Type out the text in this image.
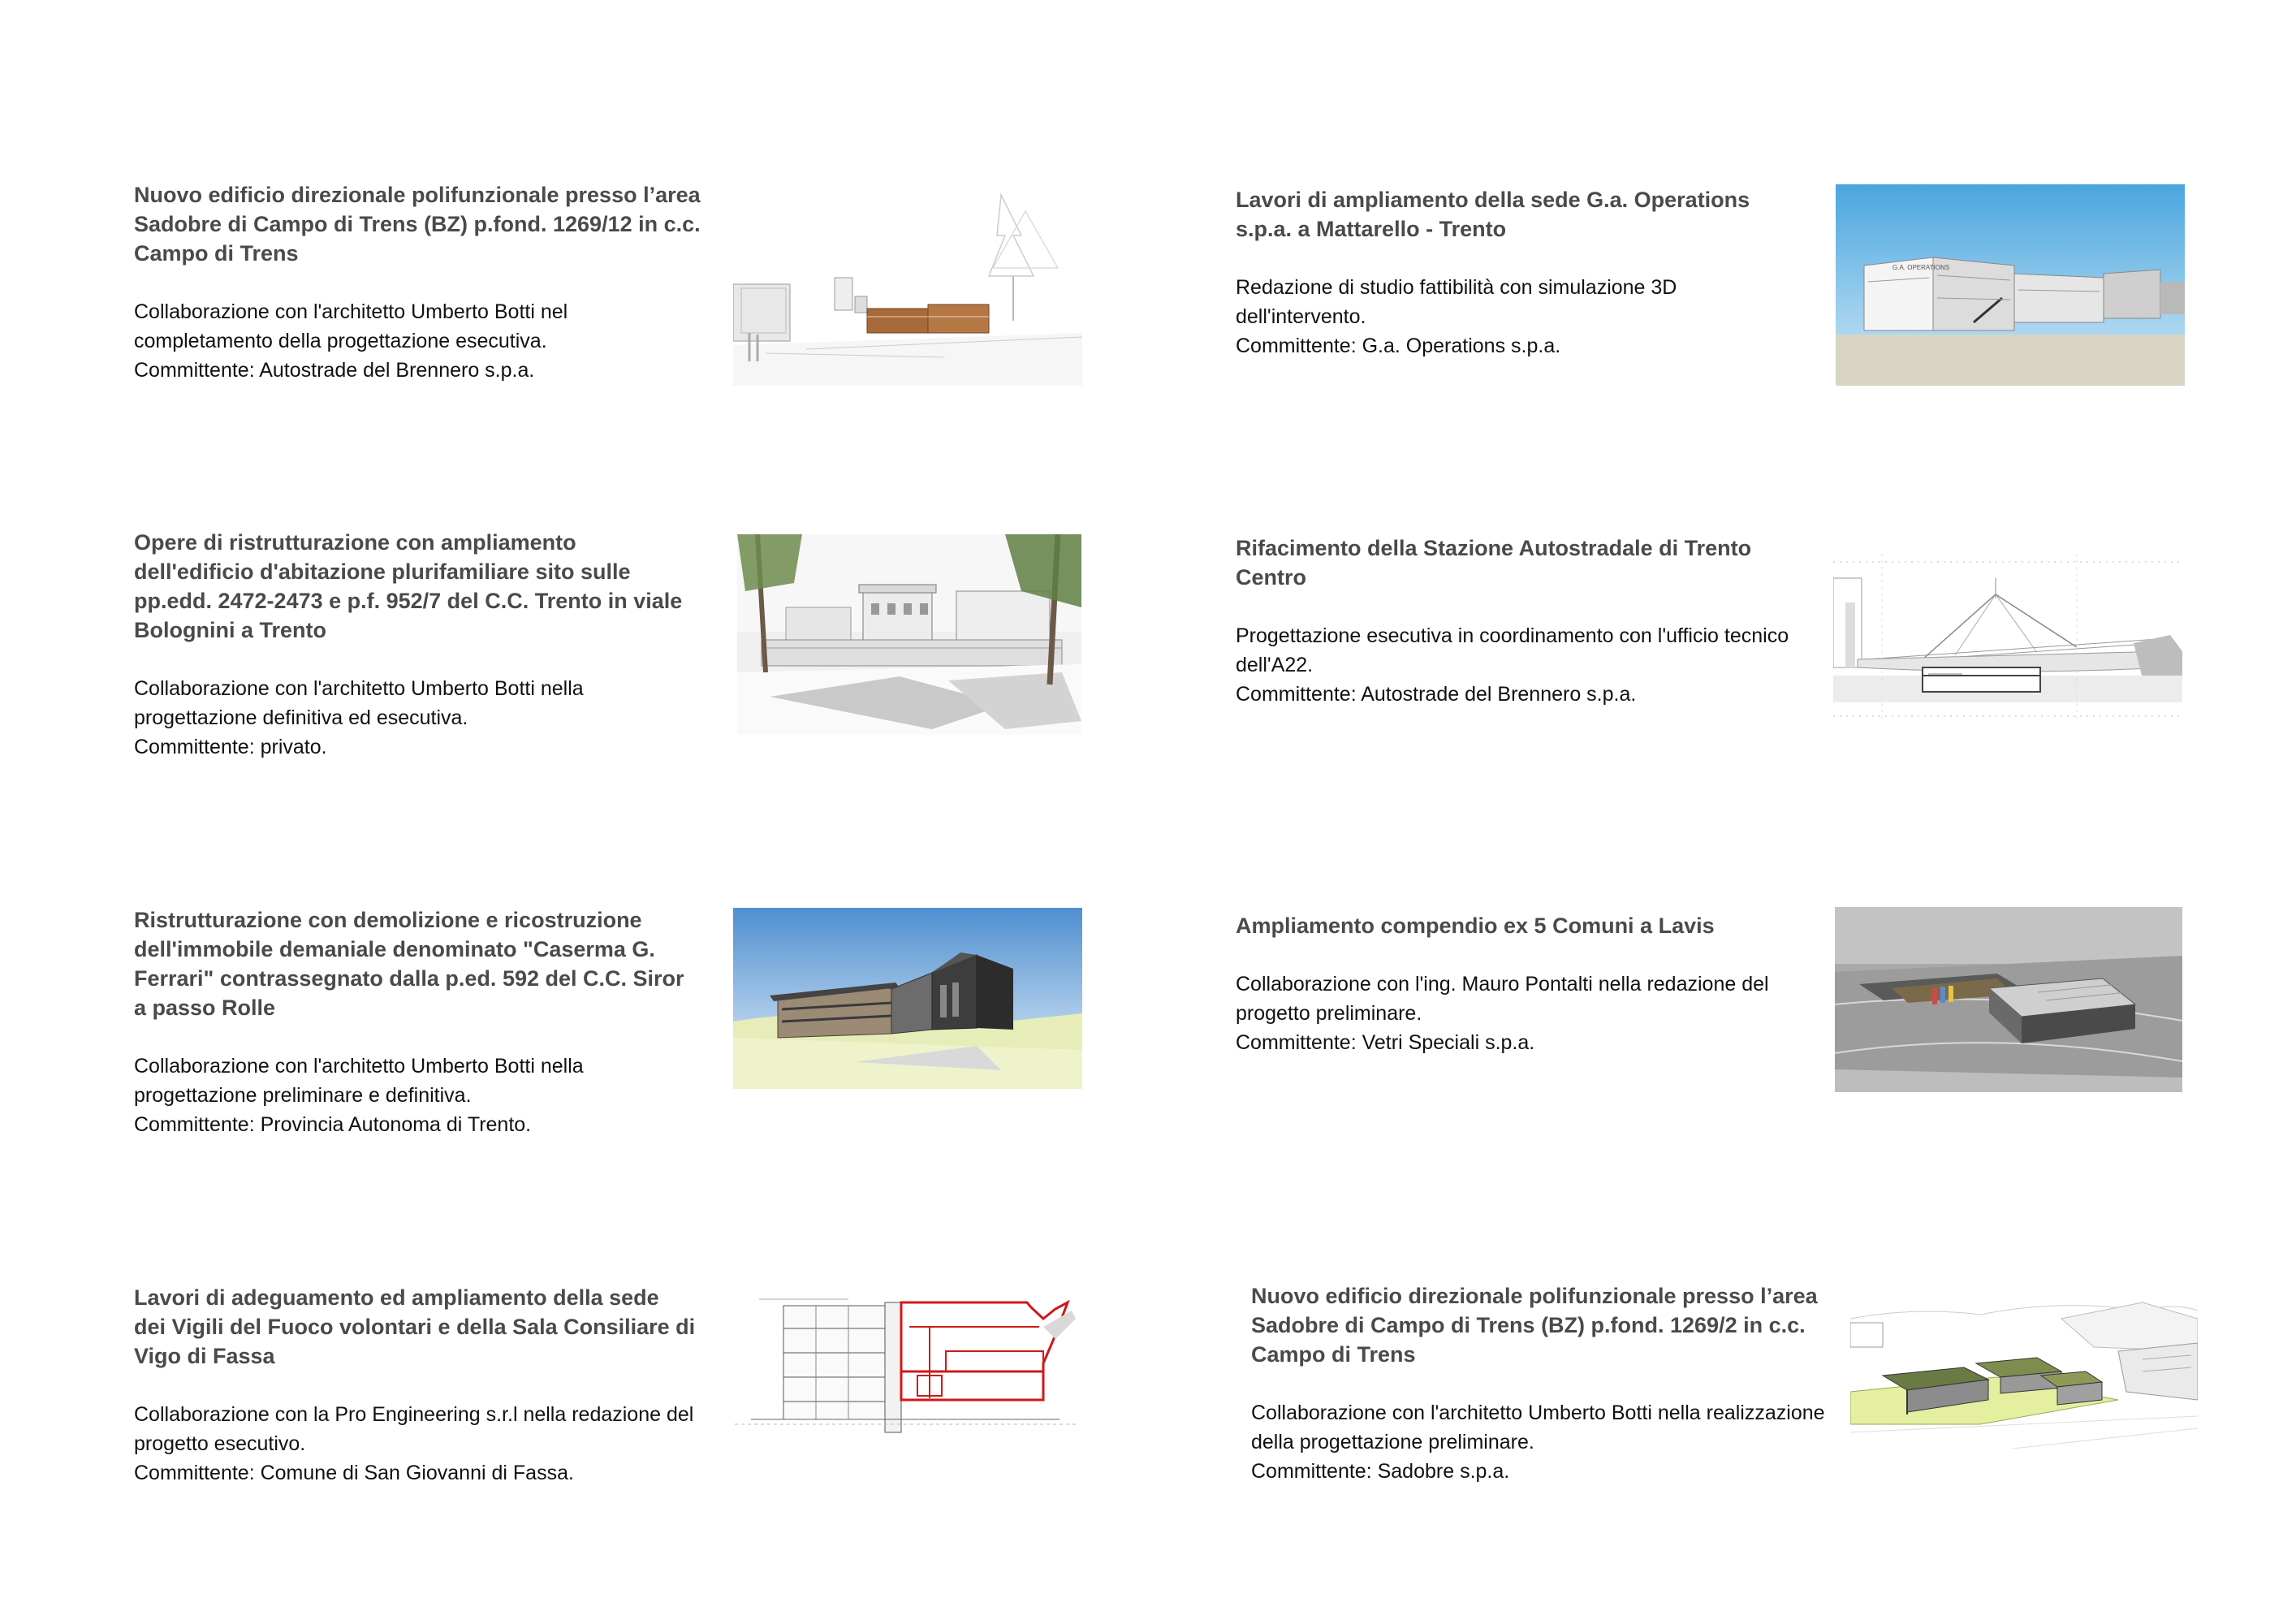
Nuovo edificio direzionale polifunzionale presso l’area
Sadobre di Campo di Trens (BZ) p.fond. 1269/12 in c.c.
Campo di Trens
Collaborazione con l'architetto Umberto Botti nel
completamento della progettazione esecutiva.
Committente: Autostrade del Brennero s.p.a.
Lavori di ampliamento della sede G.a. Operations
s.p.a. a Mattarello - Trento
Redazione di studio fattibilità con simulazione 3D
dell'intervento.
Committente: G.a. Operations s.p.a.
G.A. OPERATIONS
Opere di ristrutturazione con ampliamento
dell'edificio d'abitazione plurifamiliare sito sulle
pp.edd. 2472-2473 e p.f. 952/7 del C.C. Trento in viale
Bolognini a Trento
Collaborazione con l'architetto Umberto Botti nella
progettazione definitiva ed esecutiva.
Committente: privato.
Rifacimento della Stazione Autostradale di Trento
Centro
Progettazione esecutiva in coordinamento con l'ufficio tecnico
dell'A22.
Committente: Autostrade del Brennero s.p.a.
Ristrutturazione con demolizione e ricostruzione
dell'immobile demaniale denominato "Caserma G.
Ferrari" contrassegnato dalla p.ed. 592 del C.C. Siror
a passo Rolle
Collaborazione con l'architetto Umberto Botti nella
progettazione preliminare e definitiva.
Committente: Provincia Autonoma di Trento.
Ampliamento compendio ex 5 Comuni a Lavis
Collaborazione con l'ing. Mauro Pontalti nella redazione del
progetto preliminare.
Committente: Vetri Speciali s.p.a.
Lavori di adeguamento ed ampliamento della sede
dei Vigili del Fuoco volontari e della Sala Consiliare di
Vigo di Fassa
Collaborazione con la Pro Engineering s.r.l nella redazione del
progetto esecutivo.
Committente: Comune di San Giovanni di Fassa.
Nuovo edificio direzionale polifunzionale presso l’area
Sadobre di Campo di Trens (BZ) p.fond. 1269/2 in c.c.
Campo di Trens
Collaborazione con l'architetto Umberto Botti nella realizzazione
della progettazione preliminare.
Committente: Sadobre s.p.a.
